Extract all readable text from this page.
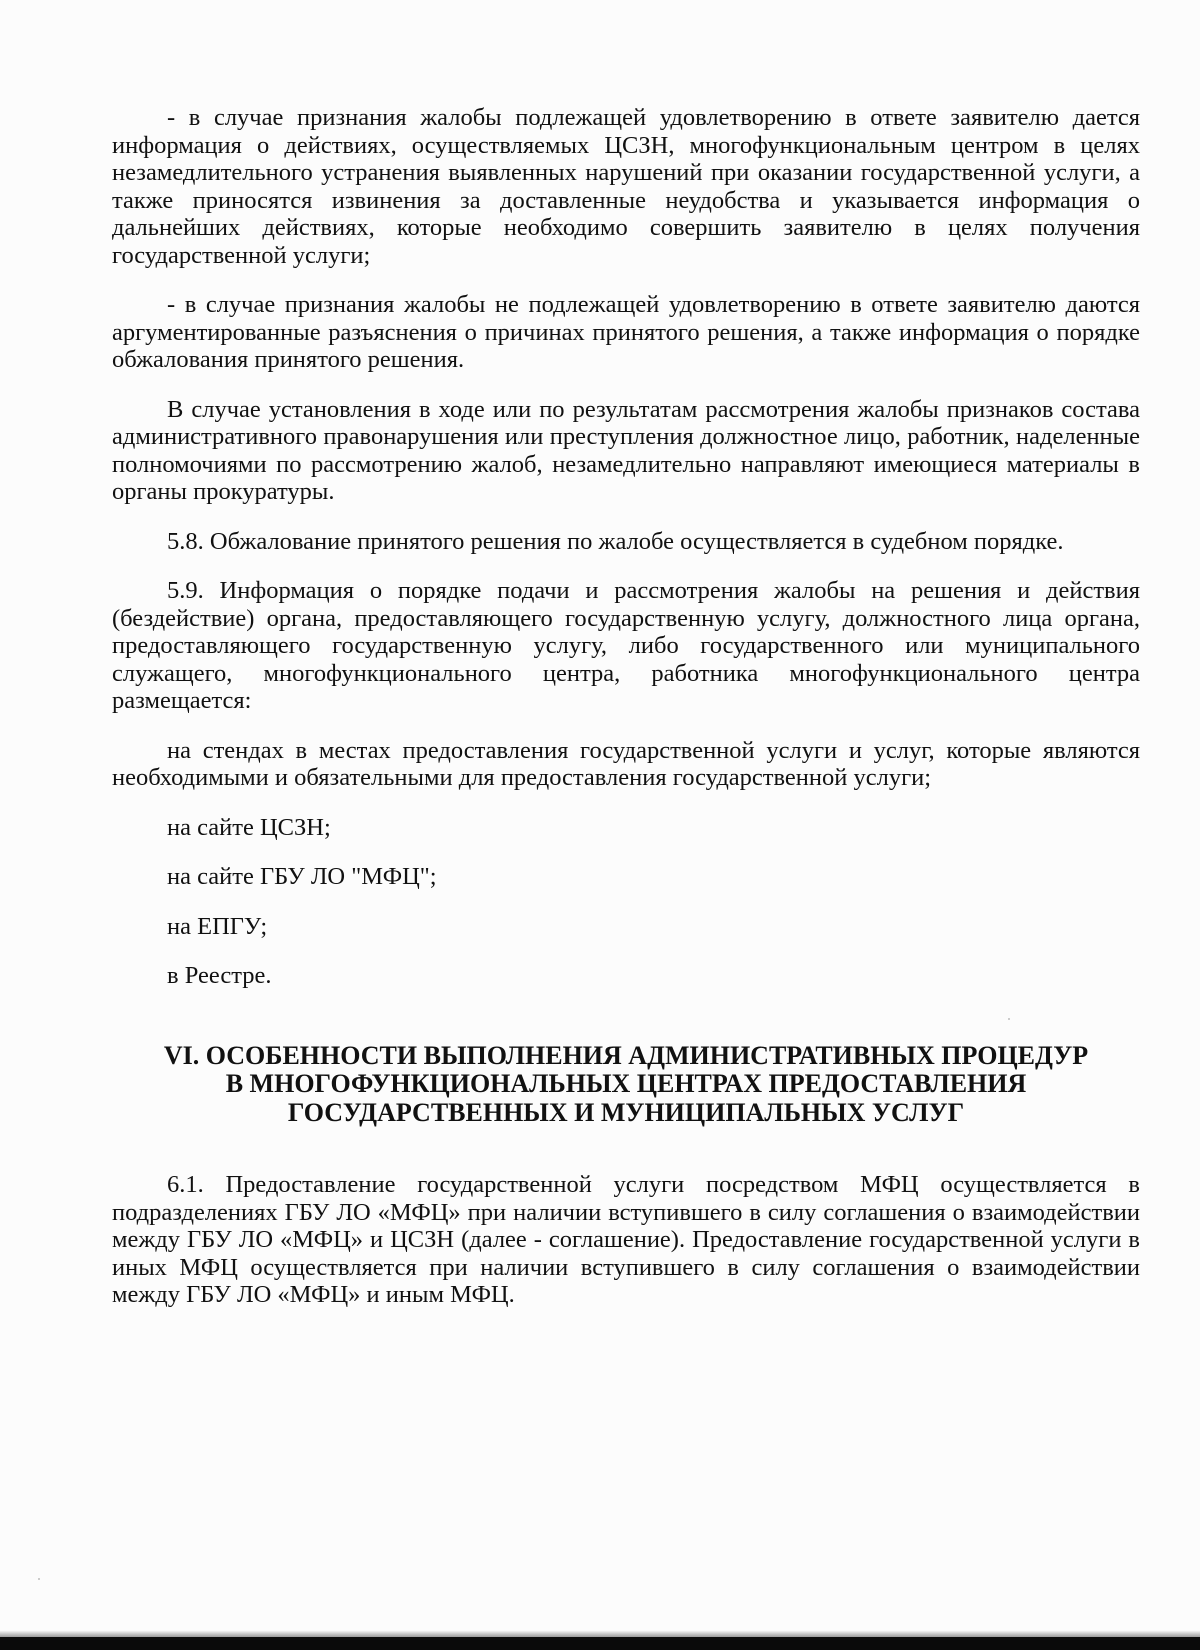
- в случае признания жалобы подлежащей удовлетворению в ответе заявителю дается информация о действиях, осуществляемых ЦСЗН, многофункциональным центром в целях незамедлительного устранения выявленных нарушений при оказании государственной услуги, а также приносятся извинения за доставленные неудобства и указывается информация о дальнейших действиях, которые необходимо совершить заявителю в целях получения государственной услуги;

- в случае признания жалобы не подлежащей удовлетворению в ответе заявителю даются аргументированные разъяснения о причинах принятого решения, а также информация о порядке обжалования принятого решения.

В случае установления в ходе или по результатам рассмотрения жалобы признаков состава административного правонарушения или преступления должностное лицо, работник, наделенные полномочиями по рассмотрению жалоб, незамедлительно направляют имеющиеся материалы в органы прокуратуры.

5.8. Обжалование принятого решения по жалобе осуществляется в судебном порядке.

5.9. Информация о порядке подачи и рассмотрения жалобы на решения и действия (бездействие) органа, предоставляющего государственную услугу, должностного лица органа, предоставляющего государственную услугу, либо государственного или муниципального служащего, многофункционального центра, работника многофункционального центра размещается:

на стендах в местах предоставления государственной услуги и услуг, которые являются необходимыми и обязательными для предоставления государственной услуги;

на сайте ЦСЗН;

на сайте ГБУ ЛО "МФЦ";

на ЕПГУ;

в Реестре.

VI. ОСОБЕННОСТИ ВЫПОЛНЕНИЯ АДМИНИСТРАТИВНЫХ ПРОЦЕДУР
В МНОГОФУНКЦИОНАЛЬНЫХ ЦЕНТРАХ ПРЕДОСТАВЛЕНИЯ
ГОСУДАРСТВЕННЫХ И МУНИЦИПАЛЬНЫХ УСЛУГ

6.1. Предоставление государственной услуги посредством МФЦ осуществляется в подразделениях ГБУ ЛО «МФЦ» при наличии вступившего в силу соглашения о взаимодействии между ГБУ ЛО «МФЦ» и ЦСЗН (далее - соглашение). Предоставление государственной услуги в иных МФЦ осуществляется при наличии вступившего в силу соглашения о взаимодействии между ГБУ ЛО «МФЦ» и иным МФЦ.
